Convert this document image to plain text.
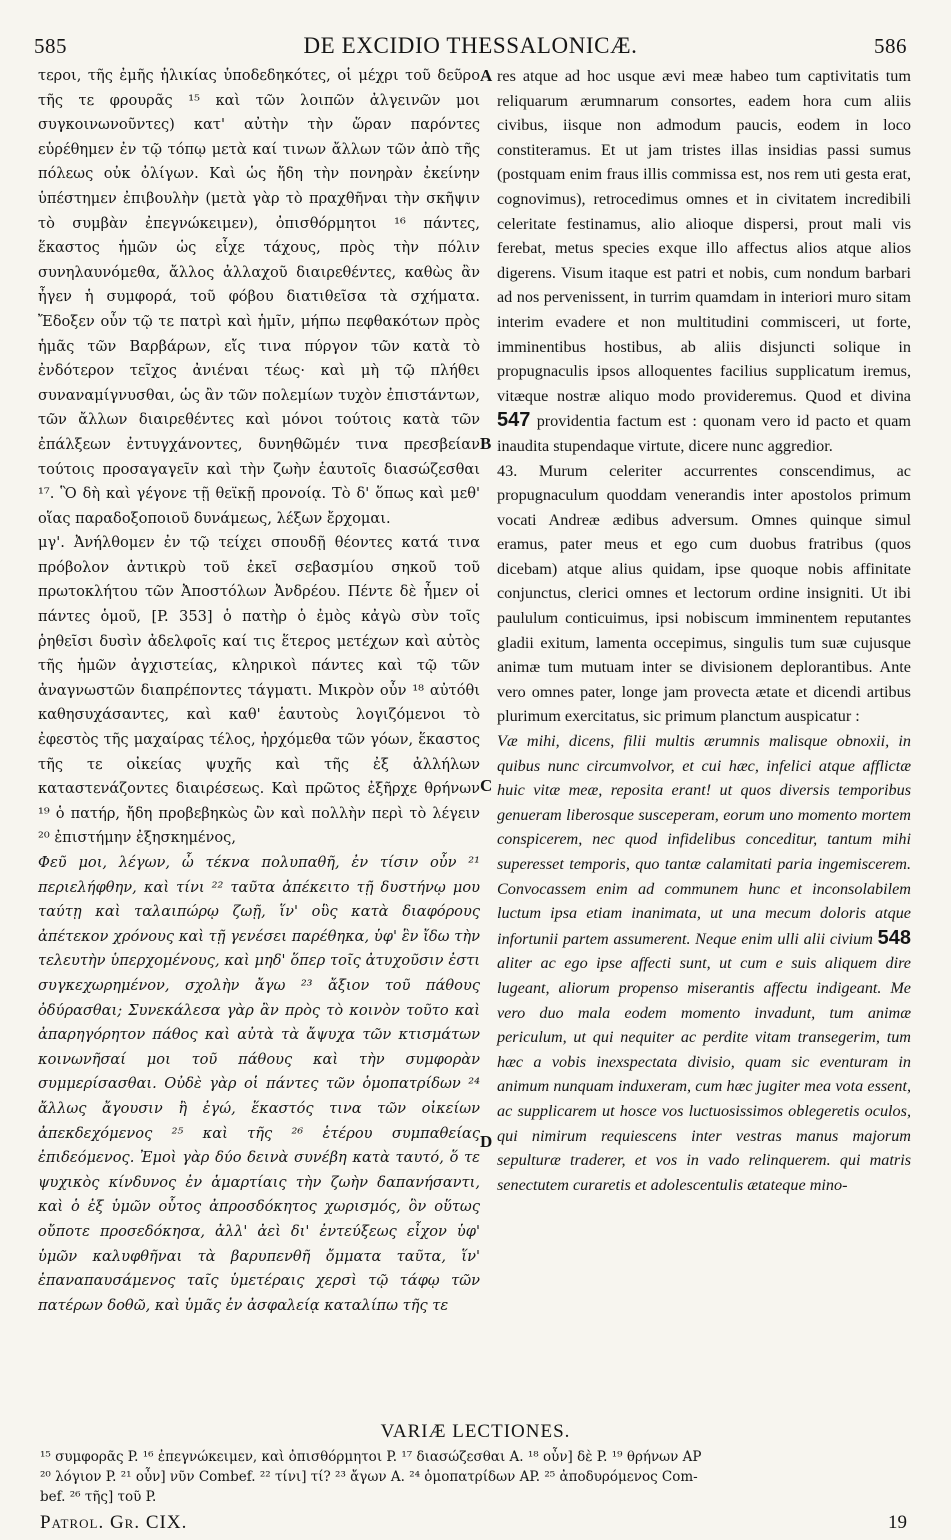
585	DE EXCIDIO THESSALONICÆ.	586

τεροι, τῆς ἐμῆς ἡλικίας ὑποδεδηκότες, οἱ μέχρι τοῦ δεῦρο τῆς τε φρουρᾶς ¹⁵ καὶ τῶν λοιπῶν ἀλγεινῶν μοι συγκοινωνοῦντες) κατ' αὐτὴν τὴν ὥραν παρόντες εὑρέθημεν ἐν τῷ τόπῳ μετὰ καί τινων ἄλλων τῶν ἀπὸ τῆς πόλεως οὐκ ὀλίγων. Καὶ ὡς ἤδη τὴν πονηρὰν ἐκείνην ὑπέστημεν ἐπιβουλὴν (μετὰ γὰρ τὸ πραχθῆναι τὴν σκῆψιν τὸ συμβὰν ἐπεγνώκειμεν), ὀπισθόρμητοι ¹⁶ πάντες, ἕκαστος ἡμῶν ὡς εἶχε τάχους, πρὸς τὴν πόλιν συνηλαυνόμεθα, ἄλλος ἀλλαχοῦ διαιρεθέντες, καθὼς ἂν ἦγεν ἡ συμφορά, τοῦ φόβου διατιθεῖσα τὰ σχήματα. Ἔδοξεν οὖν τῷ τε πατρὶ καὶ ἡμῖν, μήπω πεφθακότων πρὸς ἡμᾶς τῶν Βαρβάρων, εἴς τινα πύργον τῶν κατὰ τὸ ἐνδότερον τεῖχος ἀνιέναι τέως· καὶ μὴ τῷ πλήθει συναναμίγνυσθαι, ὡς ἂν τῶν πολεμίων τυχὸν ἐπιστάντων, τῶν ἄλλων διαιρεθέντες καὶ μόνοι τούτοις κατὰ τῶν ἐπάλξεων ἐντυγχάνοντες, δυνηθῶμέν τινα πρεσβείαν τούτοις προσαγαγεῖν καὶ τὴν ζωὴν ἑαυτοῖς διασώζεσθαι ¹⁷. Ὃ δὴ καὶ γέγονε τῇ θεϊκῇ προνοίᾳ. Τὸ δ' ὅπως καὶ μεθ' οἵας παραδοξοποιοῦ δυνάμεως, λέξων ἔρχομαι.

μγ'. Ἀνήλθομεν ἐν τῷ τείχει σπουδῇ θέοντες κατά τινα πρόβολον ἀντικρὺ τοῦ ἐκεῖ σεβασμίου σηκοῦ τοῦ πρωτοκλήτου τῶν Ἀποστόλων Ἀνδρέου. Πέντε δὲ ἦμεν οἱ πάντες ὁμοῦ, [P. 353] ὁ πατὴρ ὁ ἐμὸς κἀγὼ σὺν τοῖς ῥηθεῖσι δυσὶν ἀδελφοῖς καί τις ἕτερος μετέχων καὶ αὐτὸς τῆς ἡμῶν ἀγχιστείας, κληρικοὶ πάντες καὶ τῷ τῶν ἀναγνωστῶν διαπρέποντες τάγματι. Μικρὸν οὖν ¹⁸ αὐτόθι καθησυχάσαντες, καὶ καθ' ἑαυτοὺς λογιζόμενοι τὸ ἐφεστὸς τῆς μαχαίρας τέλος, ἠρχόμεθα τῶν γόων, ἕκαστος τῆς τε οἰκείας ψυχῆς καὶ τῆς ἐξ ἀλλήλων καταστενάζοντες διαιρέσεως. Καὶ πρῶτος ἐξῆρχε θρήνων ¹⁹ ὁ πατήρ, ἤδη προβεβηκὼς ὢν καὶ πολλὴν περὶ τὸ λέγειν ²⁰ ἐπιστήμην ἐξησκημένος,

Φεῦ μοι, λέγων, ὦ τέκνα πολυπαθῆ, ἐν τίσιν οὖν ²¹ περιελήφθην, καὶ τίνι ²² ταῦτα ἀπέκειτο τῇ δυστήνῳ μου ταύτῃ καὶ ταλαιπώρῳ ζωῇ, ἵν' οὓς κατὰ διαφόρους ἀπέτεκον χρόνους καὶ τῇ γενέσει παρέθηκα, ὑφ' ἓν ἴδω τὴν τελευτὴν ὑπερχομένους, καὶ μηδ' ὅπερ τοῖς ἀτυχοῦσιν ἐστι συγκεχωρημένον, σχολὴν ἄγω ²³ ἄξιον τοῦ πάθους ὀδύρασθαι; Συνεκάλεσα γὰρ ἂν πρὸς τὸ κοινὸν τοῦτο καὶ ἀπαρηγόρητον πάθος καὶ αὐτὰ τὰ ἄψυχα τῶν κτισμάτων κοινωνῆσαί μοι τοῦ πάθους καὶ τὴν συμφορὰν συμμερίσασθαι. Οὐδὲ γὰρ οἱ πάντες τῶν ὁμοπατρίδων ²⁴ ἄλλως ἄγουσιν ἢ ἐγώ, ἕκαστός τινα τῶν οἰκείων ἀπεκδεχόμενος ²⁵ καὶ τῆς ²⁶ ἑτέρου συμπαθείας ἐπιδεόμενος. Ἐμοὶ γὰρ δύο δεινὰ συνέβη κατὰ ταυτό, ὅ τε ψυχικὸς κίνδυνος ἐν ἁμαρτίαις τὴν ζωὴν δαπανήσαντι, καὶ ὁ ἐξ ὑμῶν οὗτος ἀπροσδόκητος χωρισμός, ὃν οὕτως οὔποτε προσεδόκησα, ἀλλ' ἀεὶ δι' ἐντεύξεως εἶχον ὑφ' ὑμῶν καλυφθῆναι τὰ βαρυπενθῆ ὄμματα ταῦτα, ἵν' ἐπαναπαυσάμενος ταῖς ὑμετέραις χερσὶ τῷ τάφῳ τῶν πατέρων δοθῶ, καὶ ὑμᾶς ἐν ἀσφαλείᾳ καταλίπω τῆς τε

A
B
C
D

res atque ad hoc usque ævi meæ habeo tum captivitatis tum reliquarum ærumnarum consortes, eadem hora cum aliis civibus, iisque non admodum paucis, eodem in loco constiteramus. Et ut jam tristes illas insidias passi sumus (postquam enim fraus illis commissa est, nos rem uti gesta erat, cognovimus), retrocedimus omnes et in civitatem incredibili celeritate festinamus, alio alioque dispersi, prout mali vis ferebat, metus species exque illo affectus alios atque alios digerens. Visum itaque est patri et nobis, cum nondum barbari ad nos pervenissent, in turrim quamdam in interiori muro sitam interim evadere et non multitudini commisceri, ut forte, imminentibus hostibus, ab aliis disjuncti solique in propugnaculis ipsos alloquentes facilius supplicatum iremus, vitæque nostræ aliquo modo provideremus. Quod et divina 547 providentia factum est : quonam vero id pacto et quam inaudita stupendaque virtute, dicere nunc aggredior.

43. Murum celeriter accurrentes conscendimus, ac propugnaculum quoddam venerandis inter apostolos primum vocati Andreæ ædibus adversum. Omnes quinque simul eramus, pater meus et ego cum duobus fratribus (quos dicebam) atque alius quidam, ipse quoque nobis affinitate conjunctus, clerici omnes et lectorum ordine insigniti. Ut ibi paululum conticuimus, ipsi nobiscum imminentem reputantes gladii exitum, lamenta occepimus, singulis tum suæ cujusque animæ tum mutuam inter se divisionem deplorantibus. Ante vero omnes pater, longe jam provecta ætate et dicendi artibus plurimum exercitatus, sic primum planctum auspicatur :

Væ mihi, dicens, filii multis ærumnis malisque obnoxii, in quibus nunc circumvolvor, et cui hæc, infelici atque afflictæ huic vitæ meæ, reposita erant! ut quos diversis temporibus genueram liberosque susceperam, eorum uno momento mortem conspicerem, nec quod infidelibus conceditur, tantum mihi superesset temporis, quo tantæ calamitati paria ingemiscerem. Convocassem enim ad communem hunc et inconsolabilem luctum ipsa etiam inanimata, ut una mecum doloris atque infortunii partem assumerent. Neque enim ulli alii civium 548 aliter ac ego ipse affecti sunt, ut cum e suis aliquem dire lugeant, aliorum propenso miserantis affectu indigeant. Me vero duo mala eodem momento invadunt, tum animæ periculum, ut qui nequiter ac perdite vitam transegerim, tum hæc a vobis inexspectata divisio, quam sic eventuram in animum nunquam induxeram, cum hæc jugiter mea vota essent, ac supplicarem ut hosce vos luctuosissimos oblegeretis oculos, qui nimirum requiescens inter vestras manus majorum sepulturæ traderer, et vos in vado relinquerem. qui matris senectutem curaretis et adolescentulis ætateque mino-

VARIÆ LECTIONES.
¹⁵ συμφορᾶς P. ¹⁶ ἐπεγνώκειμεν, καὶ ὀπισθόρμητοι P. ¹⁷ διασώζεσθαι A. ¹⁸ οὖν] δὲ P. ¹⁹ θρήνων AP
²⁰ λόγιον P. ²¹ οὖν] νῦν Combef. ²² τίνι] τί? ²³ ἄγων A. ²⁴ ὁμοπατρίδων AP. ²⁵ ἀποδυρόμενος Com-
bef. ²⁶ τῆς] τοῦ P.
Patrol. Gr. CIX.	19
